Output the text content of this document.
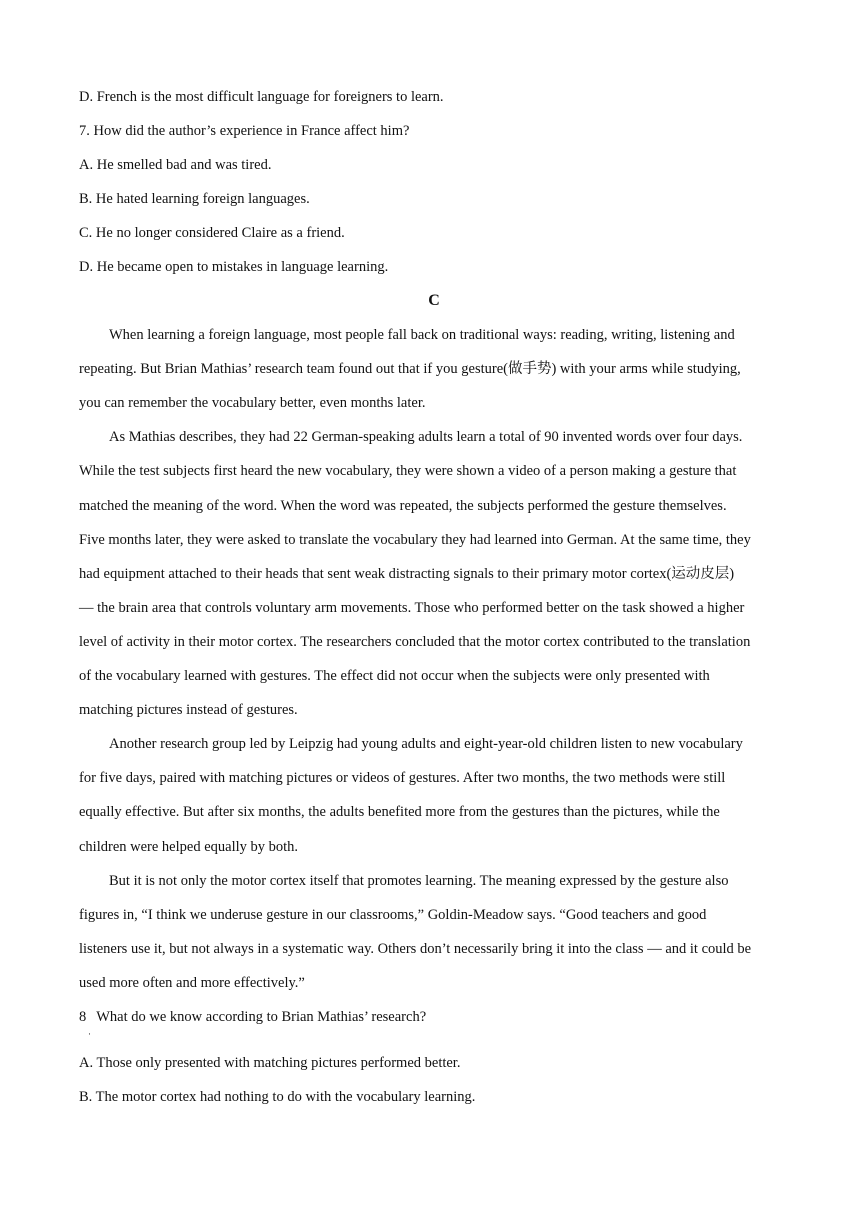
D. French is the most difficult language for foreigners to learn.
7. How did the author’s experience in France affect him?
A. He smelled bad and was tired.
B. He hated learning foreign languages.
C. He no longer considered Claire as a friend.
D. He became open to mistakes in language learning.
C
When learning a foreign language, most people fall back on traditional ways: reading, writing, listening and
repeating. But Brian Mathias’ research team found out that if you gesture(做手势) with your arms while studying,
you can remember the vocabulary better, even months later.
As Mathias describes, they had 22 German-speaking adults learn a total of 90 invented words over four days.
While the test subjects first heard the new vocabulary, they were shown a video of a person making a gesture that
matched the meaning of the word. When the word was repeated, the subjects performed the gesture themselves.
Five months later, they were asked to translate the vocabulary they had learned into German. At the same time, they
had equipment attached to their heads that sent weak distracting signals to their primary motor cortex(运动皮层)
— the brain area that controls voluntary arm movements. Those who performed better on the task showed a higher
level of activity in their motor cortex. The researchers concluded that the motor cortex contributed to the translation
of the vocabulary learned with gestures. The effect did not occur when the subjects were only presented with
matching pictures instead of gestures.
Another research group led by Leipzig had young adults and eight-year-old children listen to new vocabulary
for five days, paired with matching pictures or videos of gestures. After two months, the two methods were still
equally effective. But after six months, the adults benefited more from the gestures than the pictures, while the
children were helped equally by both.
But it is not only the motor cortex itself that promotes learning. The meaning expressed by the gesture also
figures in, “I think we underuse gesture in our classrooms,” Goldin-Meadow says. “Good teachers and good
listeners use it, but not always in a systematic way. Others don’t necessarily bring it into the class — and it could be
used more often and more effectively.”
8 What do we know according to Brian Mathias’ research?
·
A. Those only presented with matching pictures performed better.
B. The motor cortex had nothing to do with the vocabulary learning.
